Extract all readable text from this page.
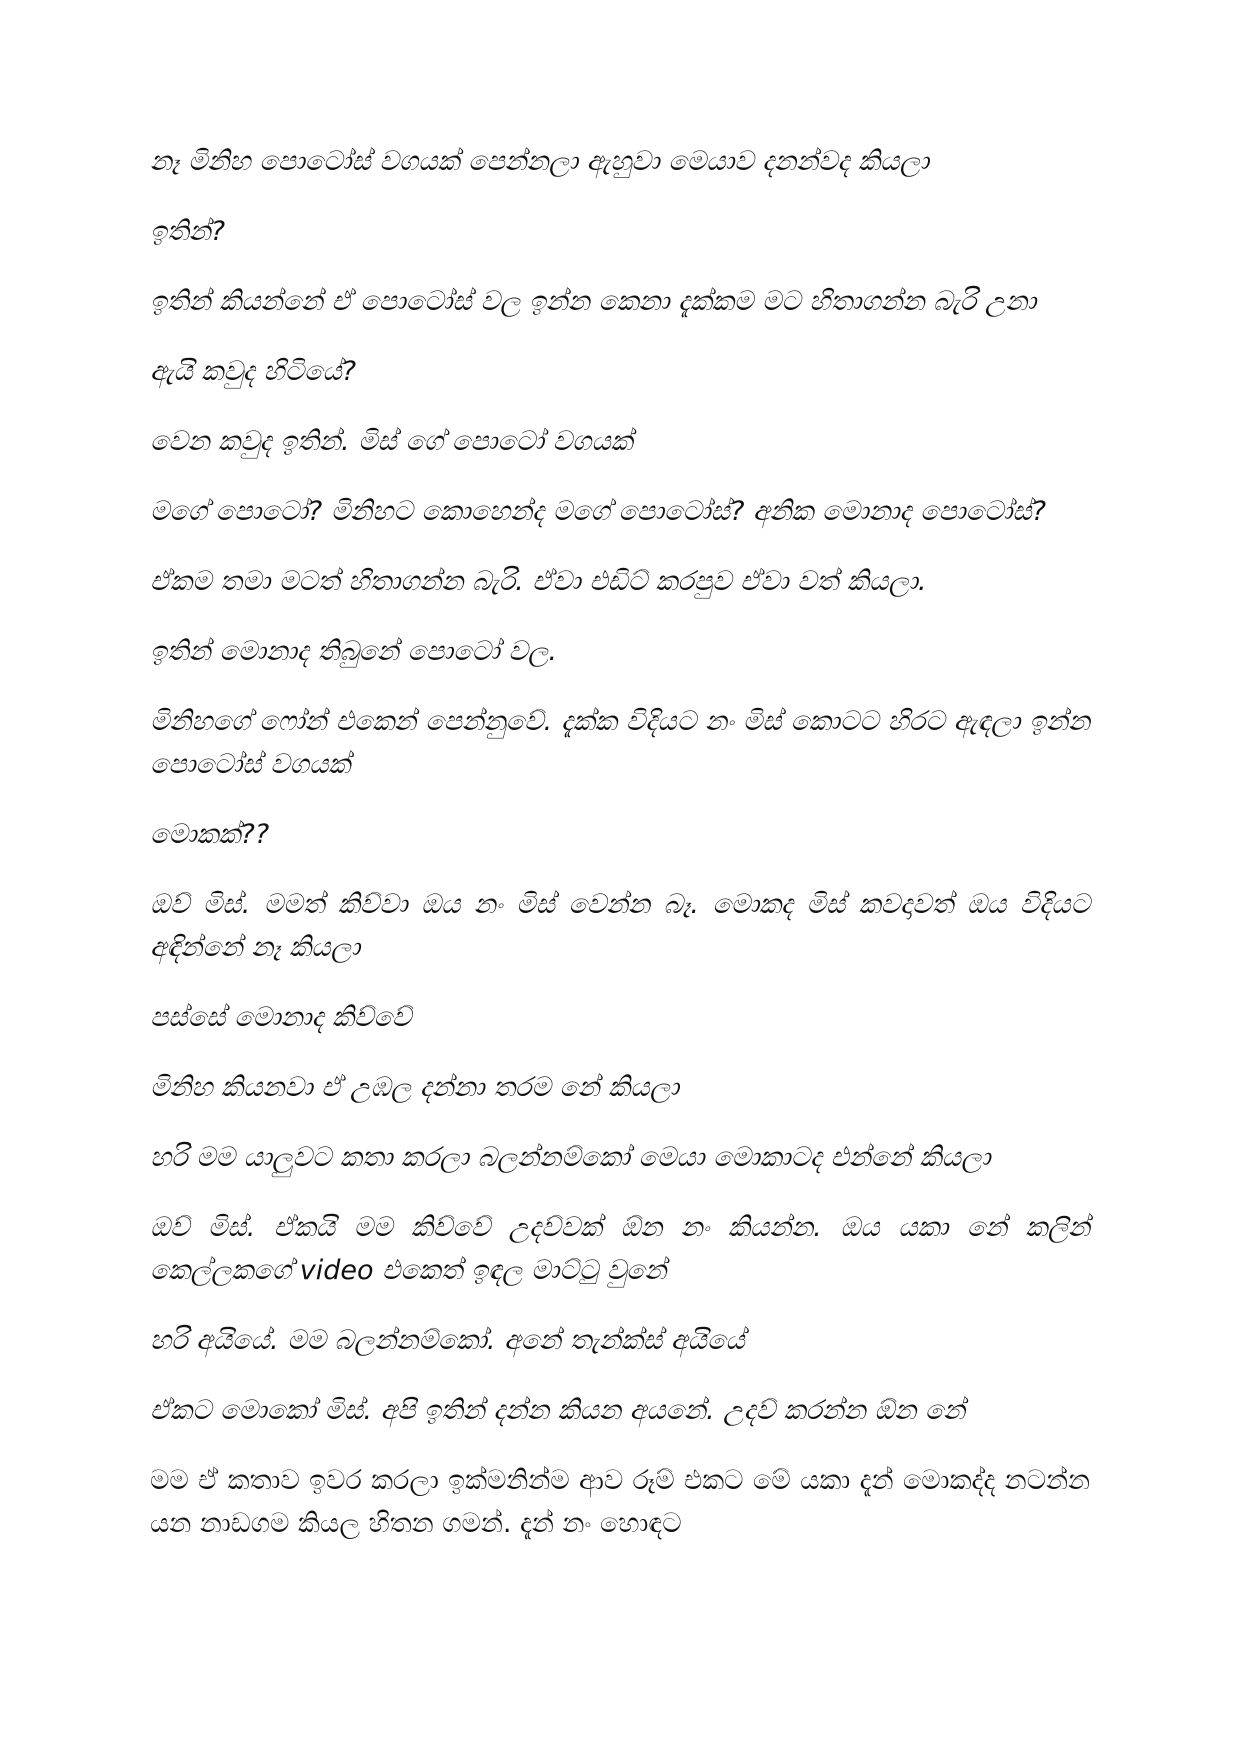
නෑ මිනිහ පොටෝස් වගයක් පෙන්නලා ඇහුවා මෙයාව දනන්වද කියලා

ඉතින්?

ඉතින් කියන්නේ ඒ පොටෝස් වල ඉන්න කෙනා දැක්කම මට හිතාගන්න බැරි උනා

ඇයි කවුද හිටියේ?

වෙන කවුද ඉතින්. මිස් ගේ පොටෝ වගයක්

මගේ පොටෝ? මිනිහට කොහෙන්ද මගේ පොටෝස්? අනික මොනාද පොටෝස්?

ඒකම තමා මටත් හිතාගන්න බැරි. ඒවා එඩිට් කරපුව ඒවා වත් කියලා.

ඉතින් මොනාද තිබුනේ පොටෝ වල.

මිනිහගේ ෆෝන් එකෙන් පෙන්නුවේ. දැක්ක විදියට නං මිස් කොටට හිරට ඇඳලා ඉන්න පොටෝස් වගයක්

මොකක්??

ඔව් මිස්. මමත් කිව්වා ඔය නං මිස් වෙන්න බෑ. මොකද මිස් කවදාවත් ඔය විදියට අඳින්නේ නෑ කියලා

පස්සේ මොනාද කිව්වේ

මිනිහ කියනවා ඒ උඹල දන්නා තරම නේ කියලා

හරි මම යාලුවට කතා කරලා බලන්නම්කෝ මෙයා මොකාටද එන්නේ කියලා

ඔව් මිස්. ඒකයි මම කිව්වේ උදව්වක් ඕන නං කියන්න. ඔය යකා නේ කලින් කෙල්ලකගේ video එකෙත් ඉඳල මාට්ටු වුනේ

හරි අයියේ. මම බලන්නම්කෝ. අනේ තැන්ක්ස් අයියේ

ඒකට මොකෝ මිස්. අපි ඉතින් දන්න කියන අයනේ. උදව් කරන්න ඕන නේ

මම ඒ කතාව ඉවර කරලා ඉක්මනින්ම ආව රූම් එකට මේ යකා දැන් මොකද්ද නටන්න යන නාඩගම කියල හිතන ගමන්. දැන් නං හොඳට
